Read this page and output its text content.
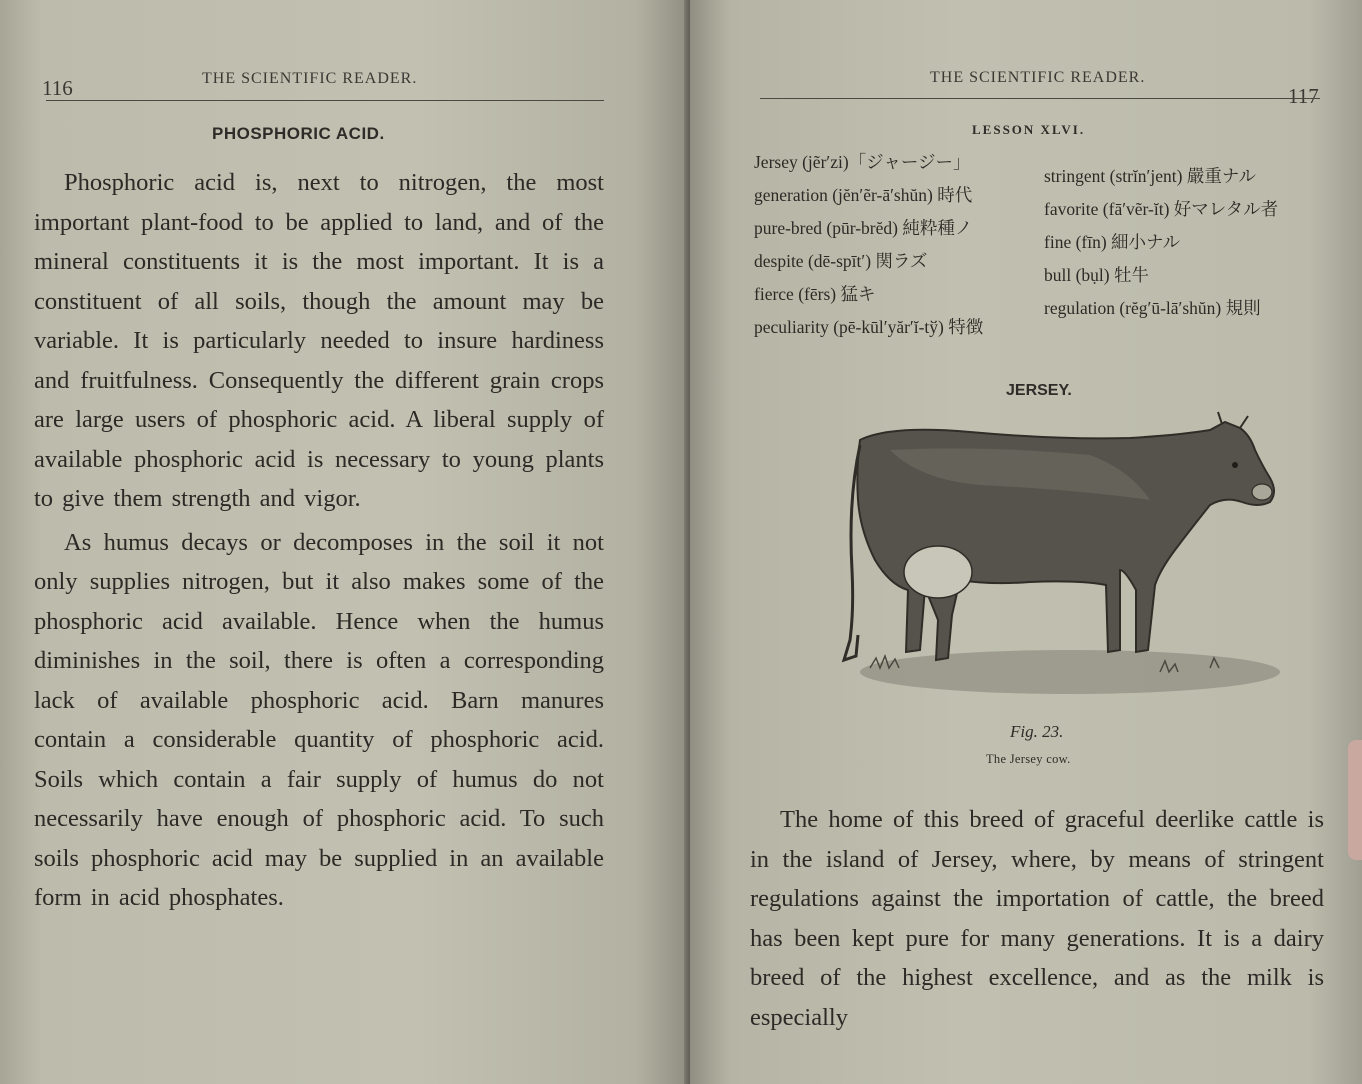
116	THE SCIENTIFIC READER.
PHOSPHORIC ACID.

Phosphoric acid is, next to nitrogen, the most important plant-food to be applied to land, and of the mineral constituents it is the most important. It is a constituent of all soils, though the amount may be variable. It is particularly needed to insure hardiness and fruitfulness. Consequently the different grain crops are large users of phosphoric acid. A liberal supply of available phosphoric acid is necessary to young plants to give them strength and vigor.

As humus decays or decomposes in the soil it not only supplies nitrogen, but it also makes some of the phosphoric acid available. Hence when the humus diminishes in the soil, there is often a corresponding lack of available phosphoric acid. Barn manures contain a considerable quantity of phosphoric acid. Soils which contain a fair supply of humus do not necessarily have enough of phosphoric acid. To such soils phosphoric acid may be supplied in an available form in acid phosphates.

THE SCIENTIFIC READER.
117
LESSON XLVI.
Jersey (jẽr′zi)「ジャージー」
generation (jĕn′ẽr-ā′shŭn) 時代
pure-bred (pūr-brĕd) 純粋種ノ
despite (dē-spīt′) 関ラズ
fierce (fērs) 猛キ
peculiarity (pē-kūl′yăr′ĭ-tў) 特徴
stringent (strĭn′jent) 嚴重ナル
favorite (fā′vẽr-ĭt) 好マレタル者
fine (fīn) 細小ナル
bull (bụl) 牡牛
regulation (rĕg′ū-lā′shŭn) 規則
JERSEY.
Fig. 23.
The Jersey cow.

The home of this breed of graceful deerlike cattle is in the island of Jersey, where, by means of stringent regulations against the importation of cattle, the breed has been kept pure for many generations. It is a dairy breed of the highest excellence, and as the milk is especially
